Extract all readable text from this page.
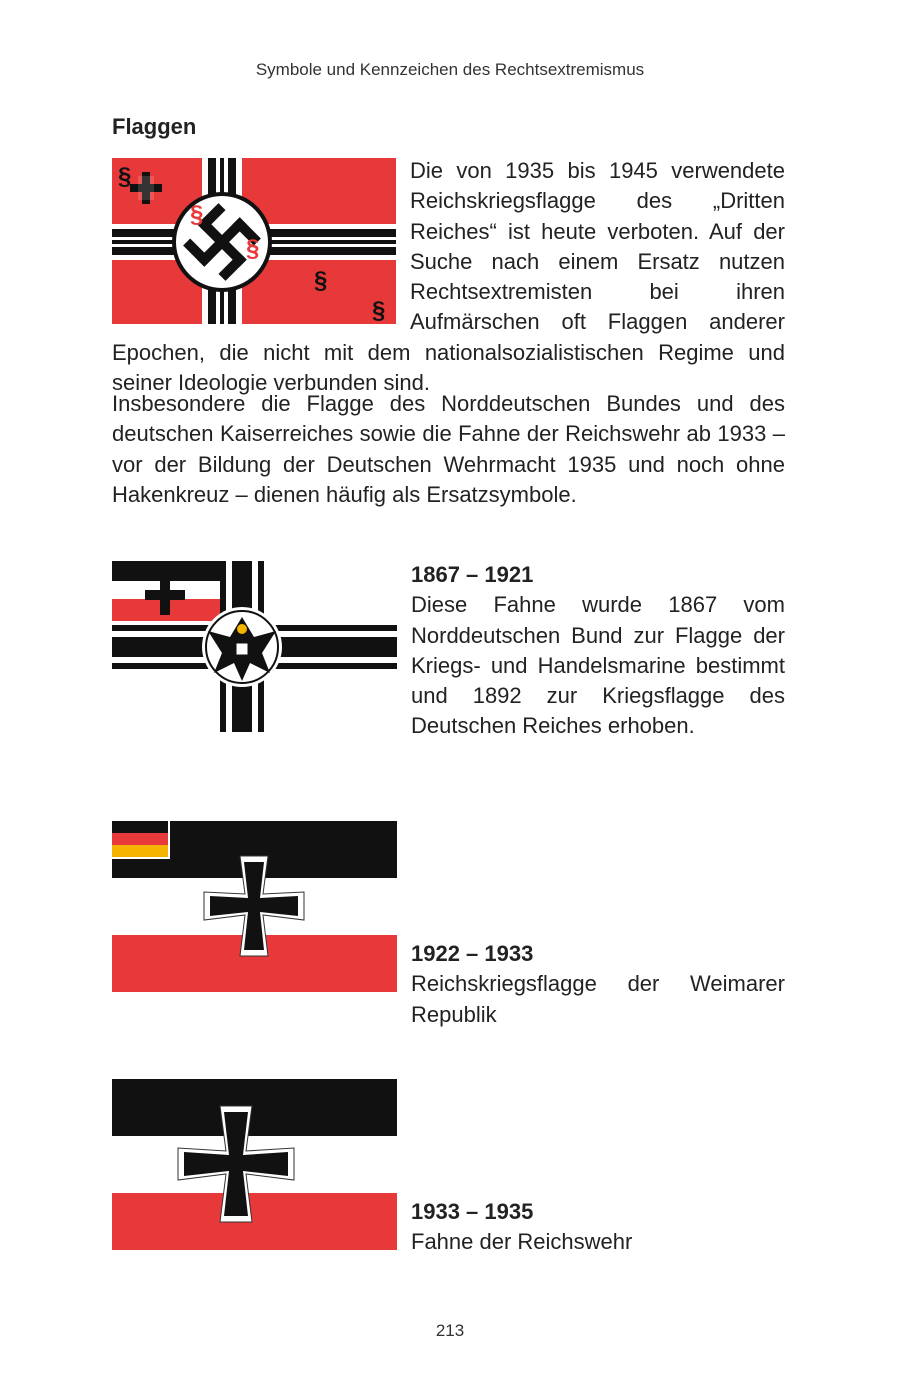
Symbole und Kennzeichen des Rechtsextremismus
Flaggen
§
§
§
§
§
Die von 1935 bis 1945 verwendete Reichskriegsflagge des „Dritten Reiches“ ist heute verboten. Auf der Suche nach einem Ersatz nutzen Rechtsextremisten bei ihren Aufmärschen oft Flaggen anderer Epochen, die nicht mit dem nationalsozialistischen Regime und seiner Ideologie verbunden sind.

Insbesondere die Flagge des Norddeutschen Bundes und des deutschen Kaiserreiches sowie die Fahne der Reichswehr ab 1933 – vor der Bildung der Deutschen Wehrmacht 1935 und noch ohne Hakenkreuz – dienen häufig als Ersatzsymbole.

1867 – 1921
Diese Fahne wurde 1867 vom Norddeutschen Bund zur Flagge der Kriegs- und Handelsmarine bestimmt und 1892 zur Kriegsflagge des Deutschen Reiches erhoben.
1922 – 1933
Reichskriegsflagge der Weimarer Republik
1933 – 1935
Fahne der Reichswehr
213
